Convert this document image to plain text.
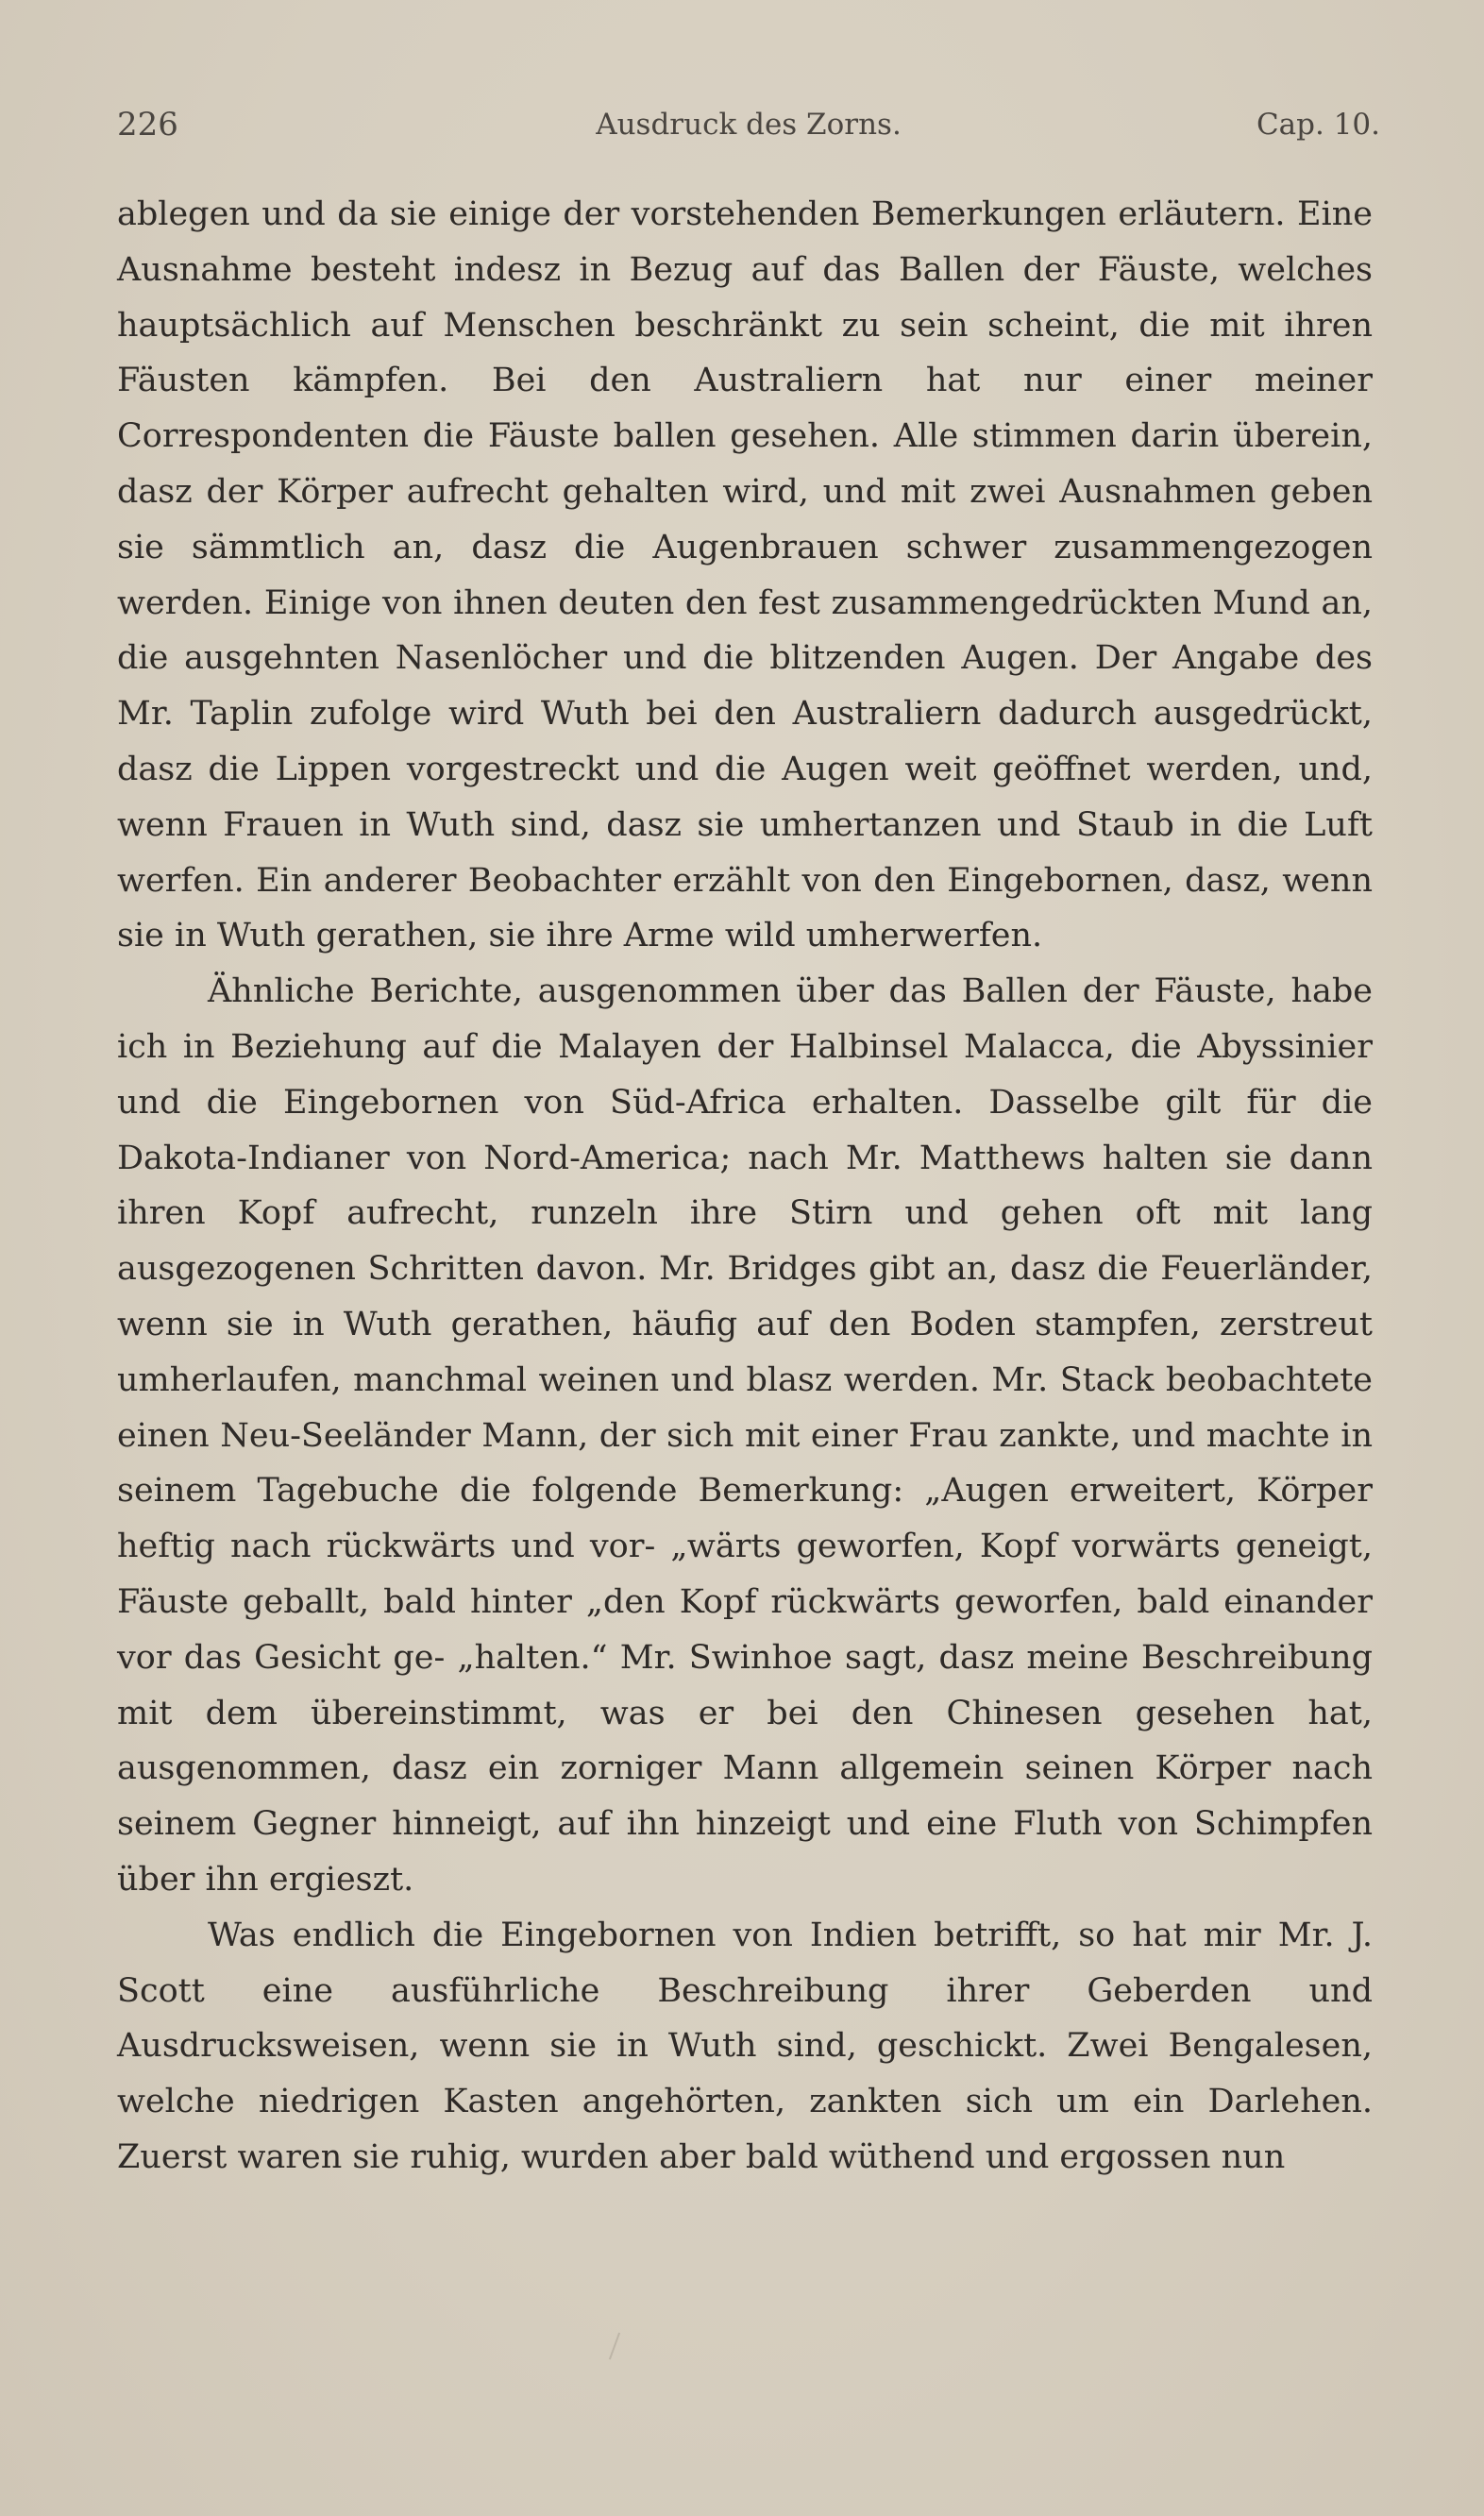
226	Ausdruck des Zorns.	Cap. 10.

ablegen und da sie einige der vorstehenden Bemerkungen erläutern. Eine Ausnahme besteht indesz in Bezug auf das Ballen der Fäuste, welches hauptsächlich auf Menschen beschränkt zu sein scheint, die mit ihren Fäusten kämpfen. Bei den Australiern hat nur einer meiner Correspondenten die Fäuste ballen gesehen. Alle stimmen darin überein, dasz der Körper aufrecht gehalten wird, und mit zwei Ausnahmen geben sie sämmtlich an, dasz die Augenbrauen schwer zusammengezogen werden. Einige von ihnen deuten den fest zusammengedrückten Mund an, die ausgehnten Nasenlöcher und die blitzenden Augen. Der Angabe des Mr. Taplin zufolge wird Wuth bei den Australiern dadurch ausgedrückt, dasz die Lippen vorgestreckt und die Augen weit geöffnet werden, und, wenn Frauen in Wuth sind, dasz sie umhertanzen und Staub in die Luft werfen. Ein anderer Beobachter erzählt von den Eingebornen, dasz, wenn sie in Wuth gerathen, sie ihre Arme wild umherwerfen.

Ähnliche Berichte, ausgenommen über das Ballen der Fäuste, habe ich in Beziehung auf die Malayen der Halbinsel Malacca, die Abyssinier und die Eingebornen von Süd-Africa erhalten. Dasselbe gilt für die Dakota-Indianer von Nord-America; nach Mr. Matthews halten sie dann ihren Kopf aufrecht, runzeln ihre Stirn und gehen oft mit lang ausgezogenen Schritten davon. Mr. Bridges gibt an, dasz die Feuerländer, wenn sie in Wuth gerathen, häufig auf den Boden stampfen, zerstreut umherlaufen, manchmal weinen und blasz werden. Mr. Stack beobachtete einen Neu-Seeländer Mann, der sich mit einer Frau zankte, und machte in seinem Tagebuche die folgende Bemerkung: „Augen erweitert, Körper heftig nach rückwärts und vor- „wärts geworfen, Kopf vorwärts geneigt, Fäuste geballt, bald hinter „den Kopf rückwärts geworfen, bald einander vor das Gesicht ge- „halten.“ Mr. Swinhoe sagt, dasz meine Beschreibung mit dem übereinstimmt, was er bei den Chinesen gesehen hat, ausgenommen, dasz ein zorniger Mann allgemein seinen Körper nach seinem Gegner hinneigt, auf ihn hinzeigt und eine Fluth von Schimpfen über ihn ergieszt.

Was endlich die Eingebornen von Indien betrifft, so hat mir Mr. J. Scott eine ausführliche Beschreibung ihrer Geberden und Ausdrucksweisen, wenn sie in Wuth sind, geschickt. Zwei Bengalesen, welche niedrigen Kasten angehörten, zankten sich um ein Darlehen. Zuerst waren sie ruhig, wurden aber bald wüthend und ergossen nun
